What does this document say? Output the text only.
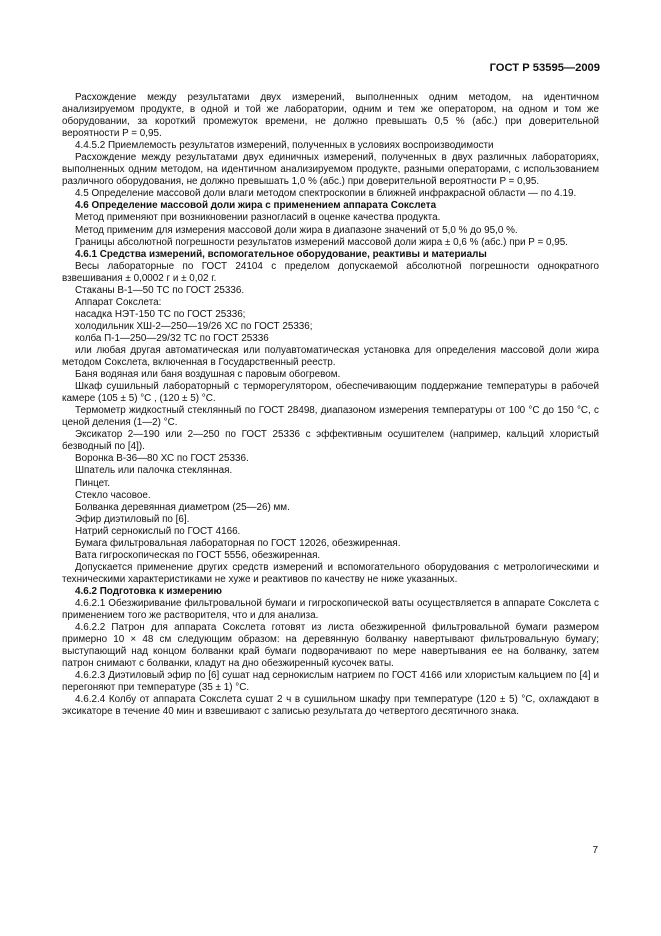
ГОСТ Р 53595—2009

Расхождение между результатами двух измерений, выполненных одним методом, на идентичном анализируемом продукте, в одной и той же лаборатории, одним и тем же оператором, на одном и том же оборудовании, за короткий промежуток времени, не должно превышать 0,5 % (абс.) при доверительной вероятности P = 0,95.

4.4.5.2 Приемлемость результатов измерений, полученных в условиях воспроизводимости

Расхождение между результатами двух единичных измерений, полученных в двух различных лабораториях, выполненных одним методом, на идентичном анализируемом продукте, разными операторами, с использованием различного оборудования, не должно превышать 1,0 % (абс.) при доверительной вероятности P = 0,95.

4.5 Определение массовой доли влаги методом спектроскопии в ближней инфракрасной области — по 4.19.

4.6 Определение массовой доли жира с применением аппарата Сокслета

Метод применяют при возникновении разногласий в оценке качества продукта.

Метод применим для измерения массовой доли жира в диапазоне значений от 5,0 % до 95,0 %.

Границы абсолютной погрешности результатов измерений массовой доли жира ± 0,6 % (абс.) при P = 0,95.

4.6.1 Средства измерений, вспомогательное оборудование, реактивы и материалы

Весы лабораторные по ГОСТ 24104 с пределом допускаемой абсолютной погрешности однократного взвешивания ± 0,0002 г и ± 0,02 г.

Стаканы В-1—50 ТС по ГОСТ 25336.

Аппарат Сокслета:

насадка НЭТ-150 ТС по ГОСТ 25336;

холодильник ХШ-2—250—19/26 ХС по ГОСТ 25336;

колба П-1—250—29/32 ТС по ГОСТ 25336

или любая другая автоматическая или полуавтоматическая установка для определения массовой доли жира методом Сокслета, включенная в Государственный реестр.

Баня водяная или баня воздушная с паровым обогревом.

Шкаф сушильный лабораторный с терморегулятором, обеспечивающим поддержание температуры в рабочей камере (105 ± 5) °С , (120 ± 5) °С.

Термометр жидкостный стеклянный по ГОСТ 28498, диапазоном измерения температуры от 100 °С до 150 °С, с ценой деления (1—2) °С.

Эксикатор 2—190 или 2—250 по ГОСТ 25336 с эффективным осушителем (например, кальций хлористый безводный по [4]).

Воронка В-36—80 ХС по ГОСТ 25336.

Шпатель или палочка стеклянная.

Пинцет.

Стекло часовое.

Болванка деревянная диаметром (25—26) мм.

Эфир диэтиловый по [6].

Натрий сернокислый по ГОСТ 4166.

Бумага фильтровальная лабораторная по ГОСТ 12026, обезжиренная.

Вата гигроскопическая по ГОСТ 5556, обезжиренная.

Допускается применение других средств измерений и вспомогательного оборудования с метрологическими и техническими характеристиками не хуже и реактивов по качеству не ниже указанных.

4.6.2 Подготовка к измерению

4.6.2.1 Обезжиривание фильтровальной бумаги и гигроскопической ваты осуществляется в аппарате Сокслета с применением того же растворителя, что и для анализа.

4.6.2.2 Патрон для аппарата Сокслета готовят из листа обезжиренной фильтровальной бумаги размером примерно 10 × 48 см следующим образом: на деревянную болванку навертывают фильтровальную бумагу; выступающий над концом болванки край бумаги подворачивают по мере навертывания ее на болванку, затем патрон снимают с болванки, кладут на дно обезжиренный кусочек ваты.

4.6.2.3 Диэтиловый эфир по [6] сушат над сернокислым натрием по ГОСТ 4166 или хлористым кальцием по [4] и перегоняют при температуре (35 ± 1) °С.

4.6.2.4 Колбу от аппарата Сокслета сушат 2 ч в сушильном шкафу при температуре (120 ± 5) °С, охлаждают в эксикаторе в течение 40 мин и взвешивают с записью результата до четвертого десятичного знака.

7
